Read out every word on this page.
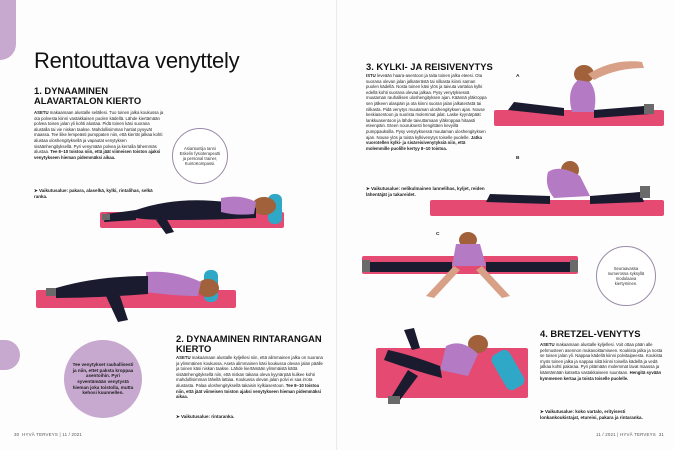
Rentouttava venyttely
1. DYNAAMINEN ALAVARTALON KIERTO
ASETU makaamaan alustalle selällesi. Tuo toinen jalka koukussa ja ota polvesta kiinni vastakkaisen puolen kädellä. Lähde kiertämään polvea toisen jalan yli kohti alustaa. Pidä toinen käsi suorana alustalla tai vie niskan taakse. Mahdollisimman hartiat pysyvät maassa. Tee liike lempeästi pumppaten niin, että kierrät jalkaa kohti alustaa uloshengityksellä ja vapautat venytyksen sisäänhengityksellä. Pyri venymään polvea ja kerralla lähemmäs alustaa. Tee 8–10 toistoa niin, että jäät viimeisen toiston ajaksi venytykseen hieman pidemmäksi aikaa.
➤ Vaikutusalue: pakara, alaselkä, kylki, rintalihas, selkä ranka.
Asiantuntija Ianni Eskelin fysioterapeutti ja personal trainer, KuntoKompassi.
Tee venytykset rauhallisesti ja niin, ettet paksta kroppaa asentoihin. Pyri syventämään venytystä hieman joka toistolla, mutta kehosi kuunnellen.
2. DYNAAMINEN RINTARANGAN KIERTO
ASETU makaamaan alustalle kyljellesi niin, että alimmainen jalka on suorana ja ylimmäinen koukussa. Aseta alimmainen käsi koukussa olevan jalan päälle ja toinen käsi niskan taakse. Lähde kiertämään ylimmäistä kättä sisäänhengityksellä niin, että niskan takana oleva kyynärpää kulkee kohti mahdollisimman lähellä lattiaa. Koukussa olevan jalan polvi ei saa irrota alustasta. Palaa uloshengityksellä takaisin kylkiasentoon. Tee 8–10 toistoa niin, että jäät viimeisen toiston ajaksi venytykseen hieman pidemmäksi aikaa.
➤ Vaikutusalue: rintaranka.
3. KYLKI- JA REISIVENYTYS
ISTU leveään haara-asentoon ja taita toinen jalka eteesi. Ota suorana olevan jalan jalkaterästä tai nilkasta kiinni saman puolen kädellä. Nosta toinen käsi ylös ja taivuta vartaloa kylki edellä kohti suorana olevaa jalkaa. Pysy venytyksessä muutaman rauhallisen uloshengityksen ajan. Käännä yläkroppa sen jälkeen alaspäin ja ota kiinni suoran jalan jalkaterästä tai nilkasta. Pidä venytys muutaman uloshengityksen ajan. Nouse keskiasentoon ja suorista molemmat jalat. Laske kyynärpäät lankkuasentoon ja lähde taivuttamaan yläkroppaa hitaasti eteenpäin. Eteen nouruksesti hengittäen kevyillä pumppauksilla. Pysy venytyksessä muutaman uloshengityksen ajan. Nouse ylös ja toista kylkivenytys toiselle puolelle. Jatka vuorotellen kylki- ja sisäreisivenytyksiä niin, että molemmille puolille kertyy 8–10 toistoa.
➤ Vaikutusalue: nelikulmainen lannelihas, kyljet, reiden lähentäjät ja takareidet.
A
B
C
Seuraavassa numerossa syksyllä modulaava kiertyminen.
4. BRETZEL-VENYTYS
ASETU makaamaan alustalle kyljellesi. Voit ottaa pään alle pehmusteen asennon mukavoittamiseen. Koukista jalka ja nosta se toisen jalan yli. Nappaa kädellä kiinni polvitaipeesta. Koukista myös toinen jalka ja nappaa siitä kiinni toisella kädellä ja vedä jalkaa kohti pakaraa. Pyri pitämään molemmat lavat maassa ja kääntämään katsetta vastakkaiseen suuntaan. Hengitä syvään kymmenen kertaa ja toista toiselle puolelle.
➤ Vaikutusalue: koko vartalo, erityisesti lonkankoukistajat, etureisi, pakara ja rintaranka.
30 HYVÄ TERVEYS | 11 / 2021	11 / 2021 | HYVÄ TERVEYS 31
